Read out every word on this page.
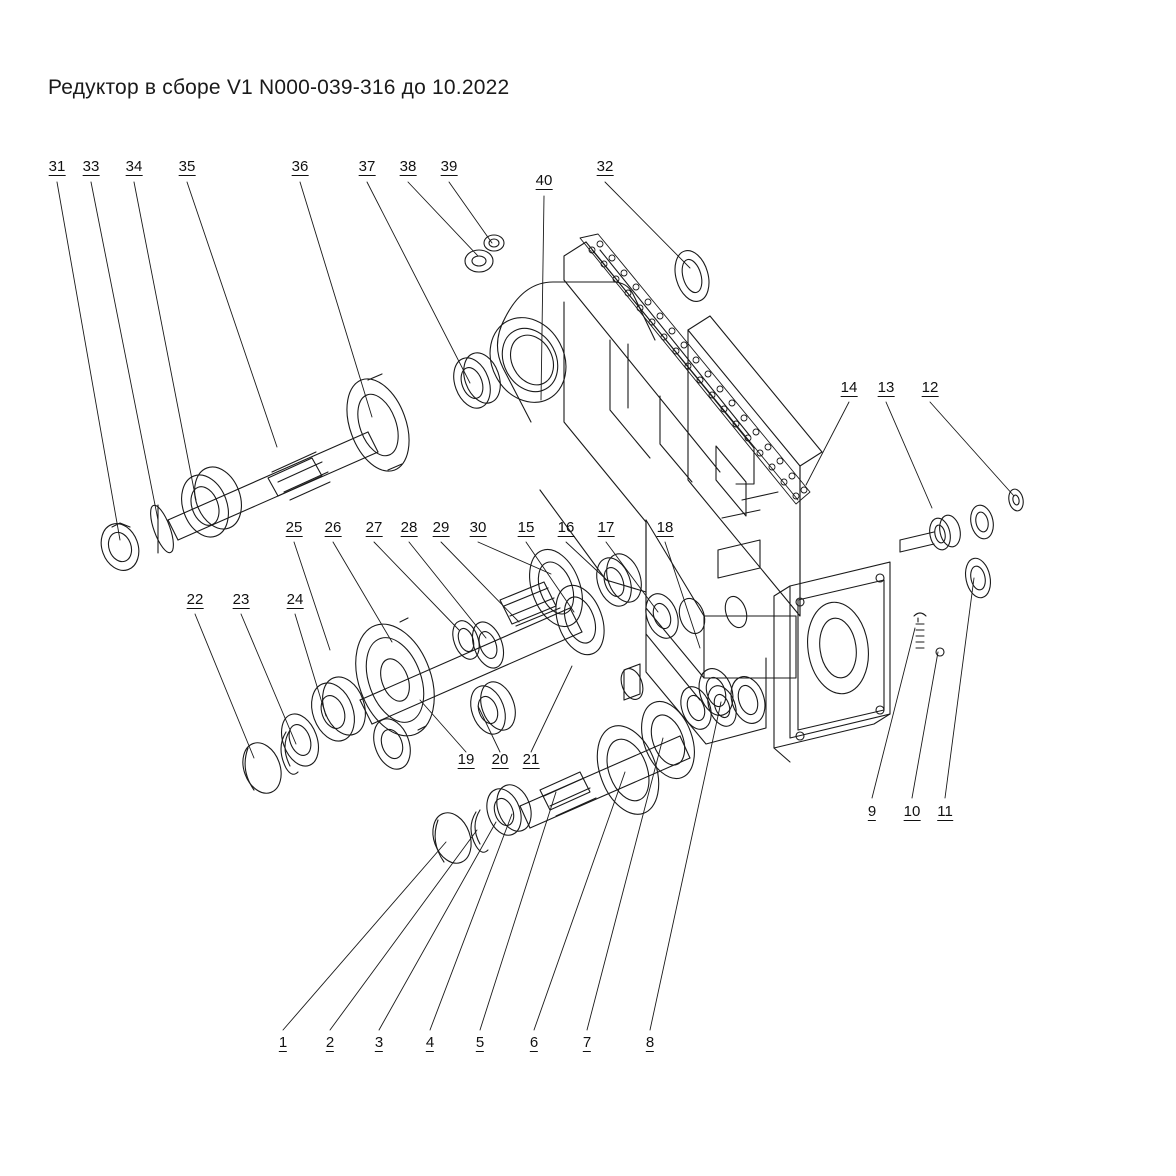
Редуктор в сборе V1 N000-039-316 до 10.2022
31 33 34 35	36	37 38 39
40
32
14 13 12
25 26 27 28 29 30 15 16 17	18
22 23 24
19 20 21
9 10 11
1	2	3	4	5	6	7	8
